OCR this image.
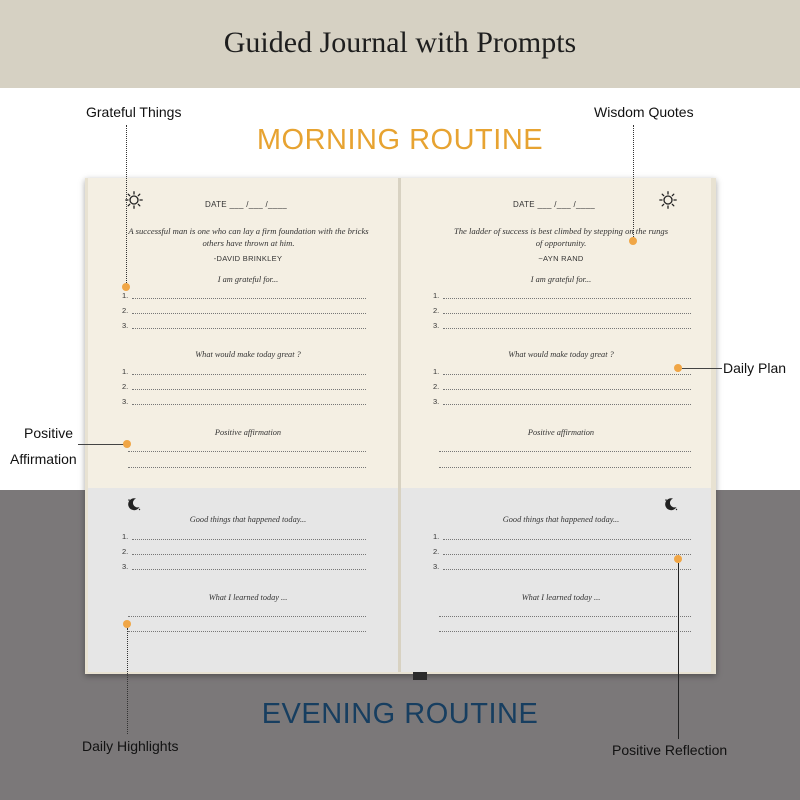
Guided Journal with Prompts
MORNING ROUTINE
DATE ___ /___ /____
A successful man is one who can lay a firm foundation with the bricks others have thrown at him.
-DAVID BRINKLEY
I am grateful for...
1.
2.
3.
What would make today great ?
1.
2.
3.
Positive affirmation
Good things that happened today...
1.
2.
3.
What I learned today ...
DATE ___ /___ /____
The ladder of success is best climbed by stepping on the rungs of opportunity.
~AYN RAND
I am grateful for...
1.
2.
3.
What would make today great ?
1.
2.
3.
Positive affirmation
Good things that happened today...
1.
2.
3.
What I learned today ...
EVENING ROUTINE
Grateful Things	Wisdom Quotes
Daily Plan
Positive
Affirmation
Daily Highlights	Positive Reflection
